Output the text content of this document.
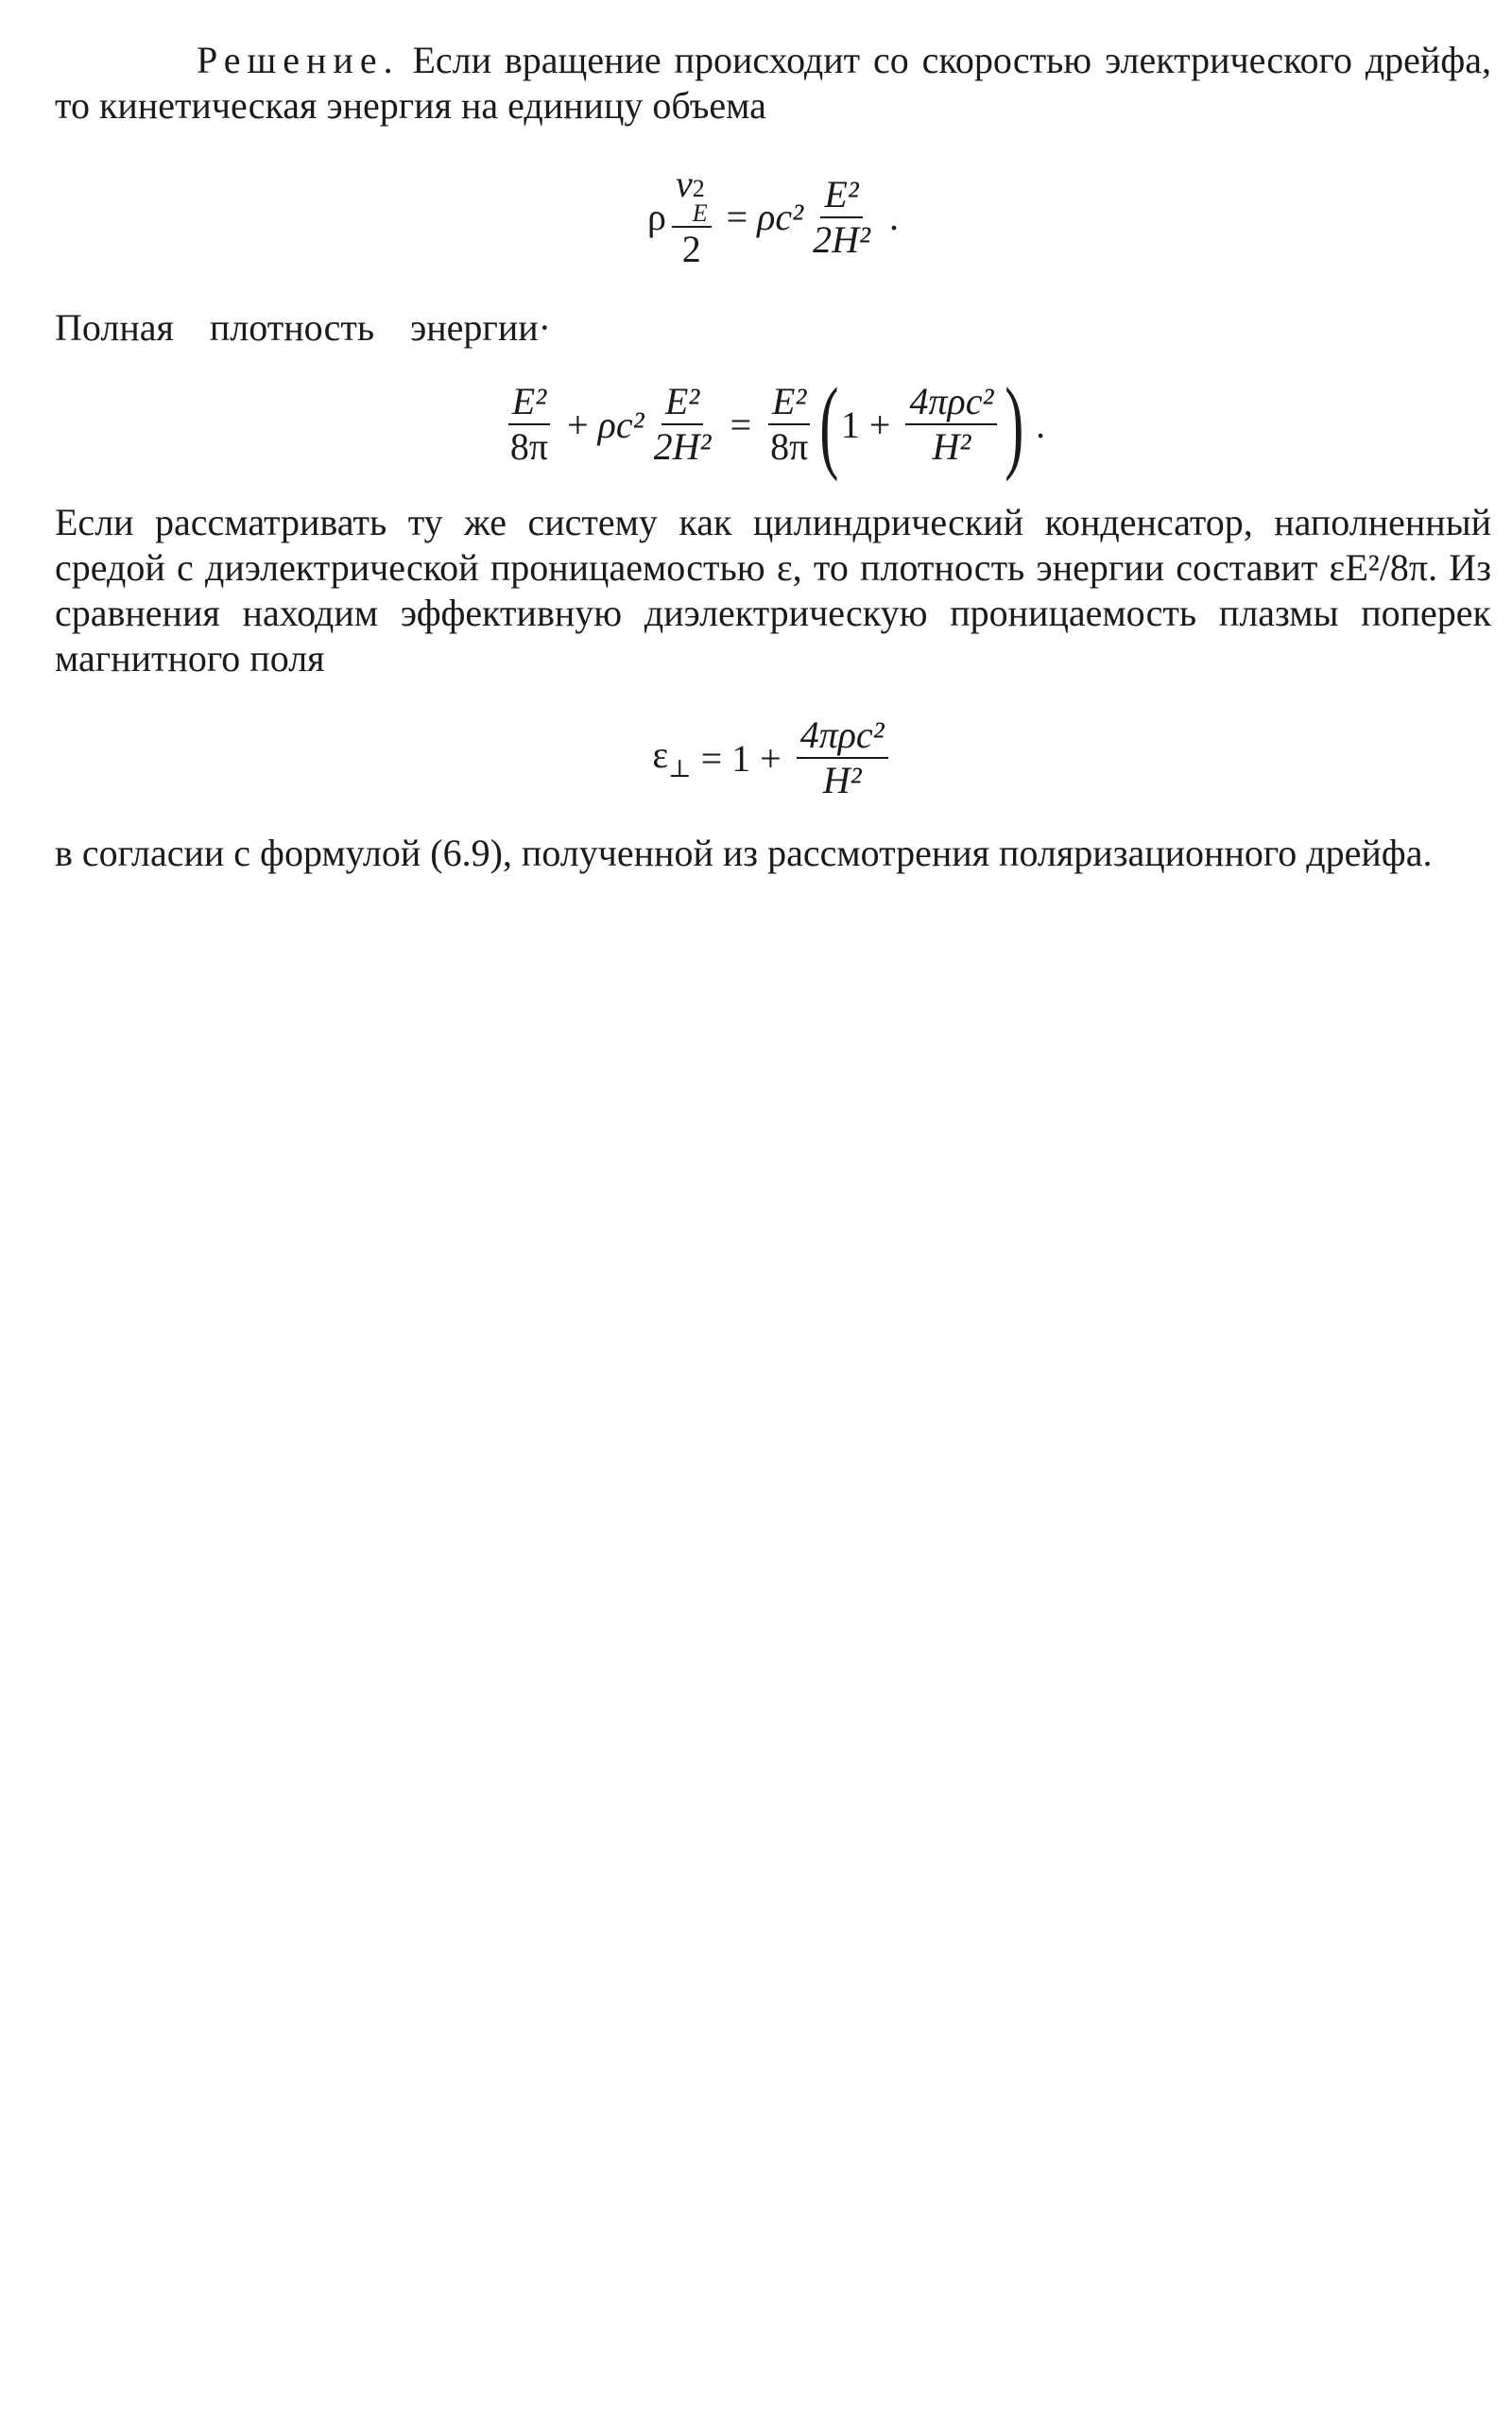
Решение. Если вращение происходит со скоростью электрического дрейфа, то кинетическая энергия на единицу объема

ρ v 2
E
$2 = \rho c^2 \frac{\text{E²}}{\text{2H²}}$ .

Полная плотность энергии·

$\frac{\text{E²}}{8\pi} + \rho c^2 \frac{\text{E²}}{\text{2H²}} = \frac{\text{E²}}{8\pi}$ ( $1 + \frac{\text{4πρc²}}{\text{H²}}$ ) .

Если рассматривать ту же систему как цилиндрический конденсатор, наполненный средой с диэлектрической проницаемостью ε, то плотность энергии составит εE²/8π. Из сравнения находим эффективную диэлектрическую проницаемость плазмы поперек магнитного поля

$\varepsilon_\perp = 1 + \frac{\text{4πρc²}}{\text{H²}}$

в согласии с формулой (6.9), полученной из рассмотрения поляризационного дрейфа.
